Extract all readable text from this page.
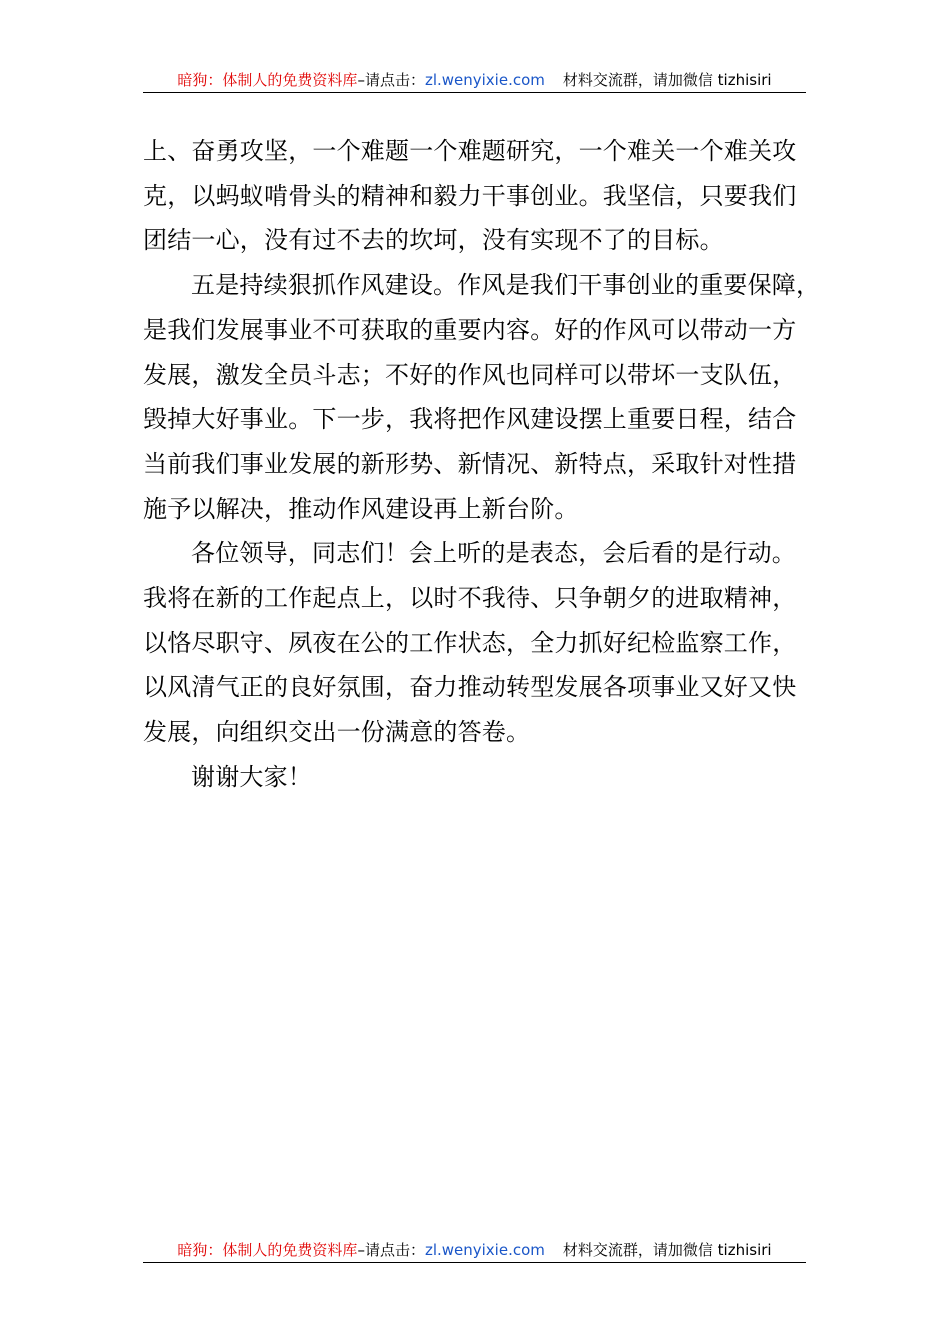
暗狗：体制人的免费资料库–请点击：zl.wenyixie.com 材料交流群，请加微信 tizhisiri

上、奋勇攻坚，一个难题一个难题研究，一个难关一个难关攻
克，以蚂蚁啃骨头的精神和毅力干事创业。我坚信，只要我们
团结一心，没有过不去的坎坷，没有实现不了的目标。

五是持续狠抓作风建设。作风是我们干事创业的重要保障，
是我们发展事业不可获取的重要内容。好的作风可以带动一方
发展，激发全员斗志；不好的作风也同样可以带坏一支队伍，
毁掉大好事业。下一步，我将把作风建设摆上重要日程，结合
当前我们事业发展的新形势、新情况、新特点，采取针对性措
施予以解决，推动作风建设再上新台阶。

各位领导，同志们！会上听的是表态，会后看的是行动。
我将在新的工作起点上，以时不我待、只争朝夕的进取精神，
以恪尽职守、夙夜在公的工作状态，全力抓好纪检监察工作，
以风清气正的良好氛围，奋力推动转型发展各项事业又好又快
发展，向组织交出一份满意的答卷。

谢谢大家！

暗狗：体制人的免费资料库–请点击：zl.wenyixie.com 材料交流群，请加微信 tizhisiri
